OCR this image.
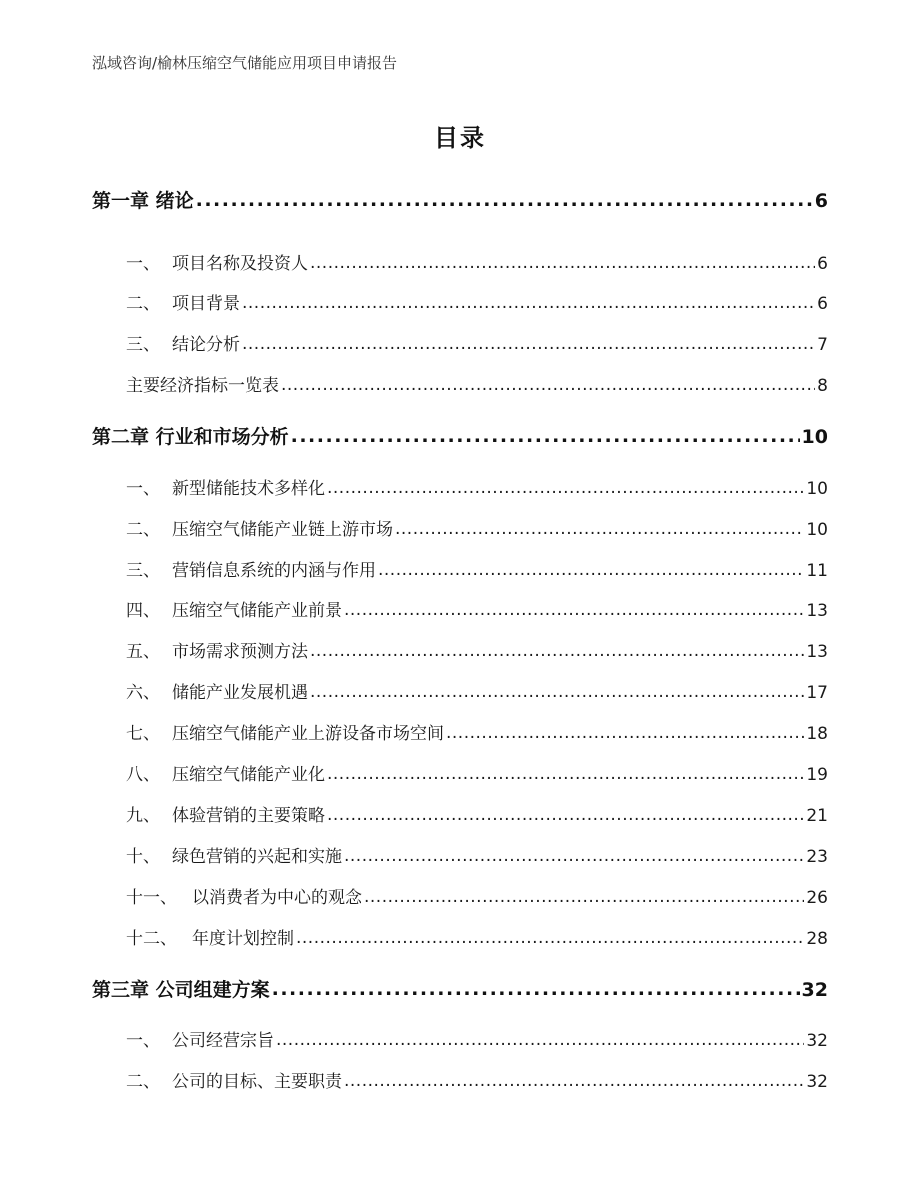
泓域咨询/榆林压缩空气储能应用项目申请报告
目录
第一章 绪论 .....	6
一、 项目名称及投资人 .....	6
二、 项目背景 .....	6
三、 结论分析 .....	7
主要经济指标一览表 .....	8
第二章 行业和市场分析 .....	10
一、 新型储能技术多样化 .....	10
二、 压缩空气储能产业链上游市场 .....	10
三、 营销信息系统的内涵与作用 .....	11
四、 压缩空气储能产业前景 .....	13
五、 市场需求预测方法 .....	13
六、 储能产业发展机遇 .....	17
七、 压缩空气储能产业上游设备市场空间 .....	18
八、 压缩空气储能产业化 .....	19
九、 体验营销的主要策略 .....	21
十、 绿色营销的兴起和实施 .....	23
十一、 以消费者为中心的观念 .....	26
十二、 年度计划控制 .....	28
第三章 公司组建方案 .....	32
一、 公司经营宗旨 .....	32
二、 公司的目标、主要职责 .....	32
